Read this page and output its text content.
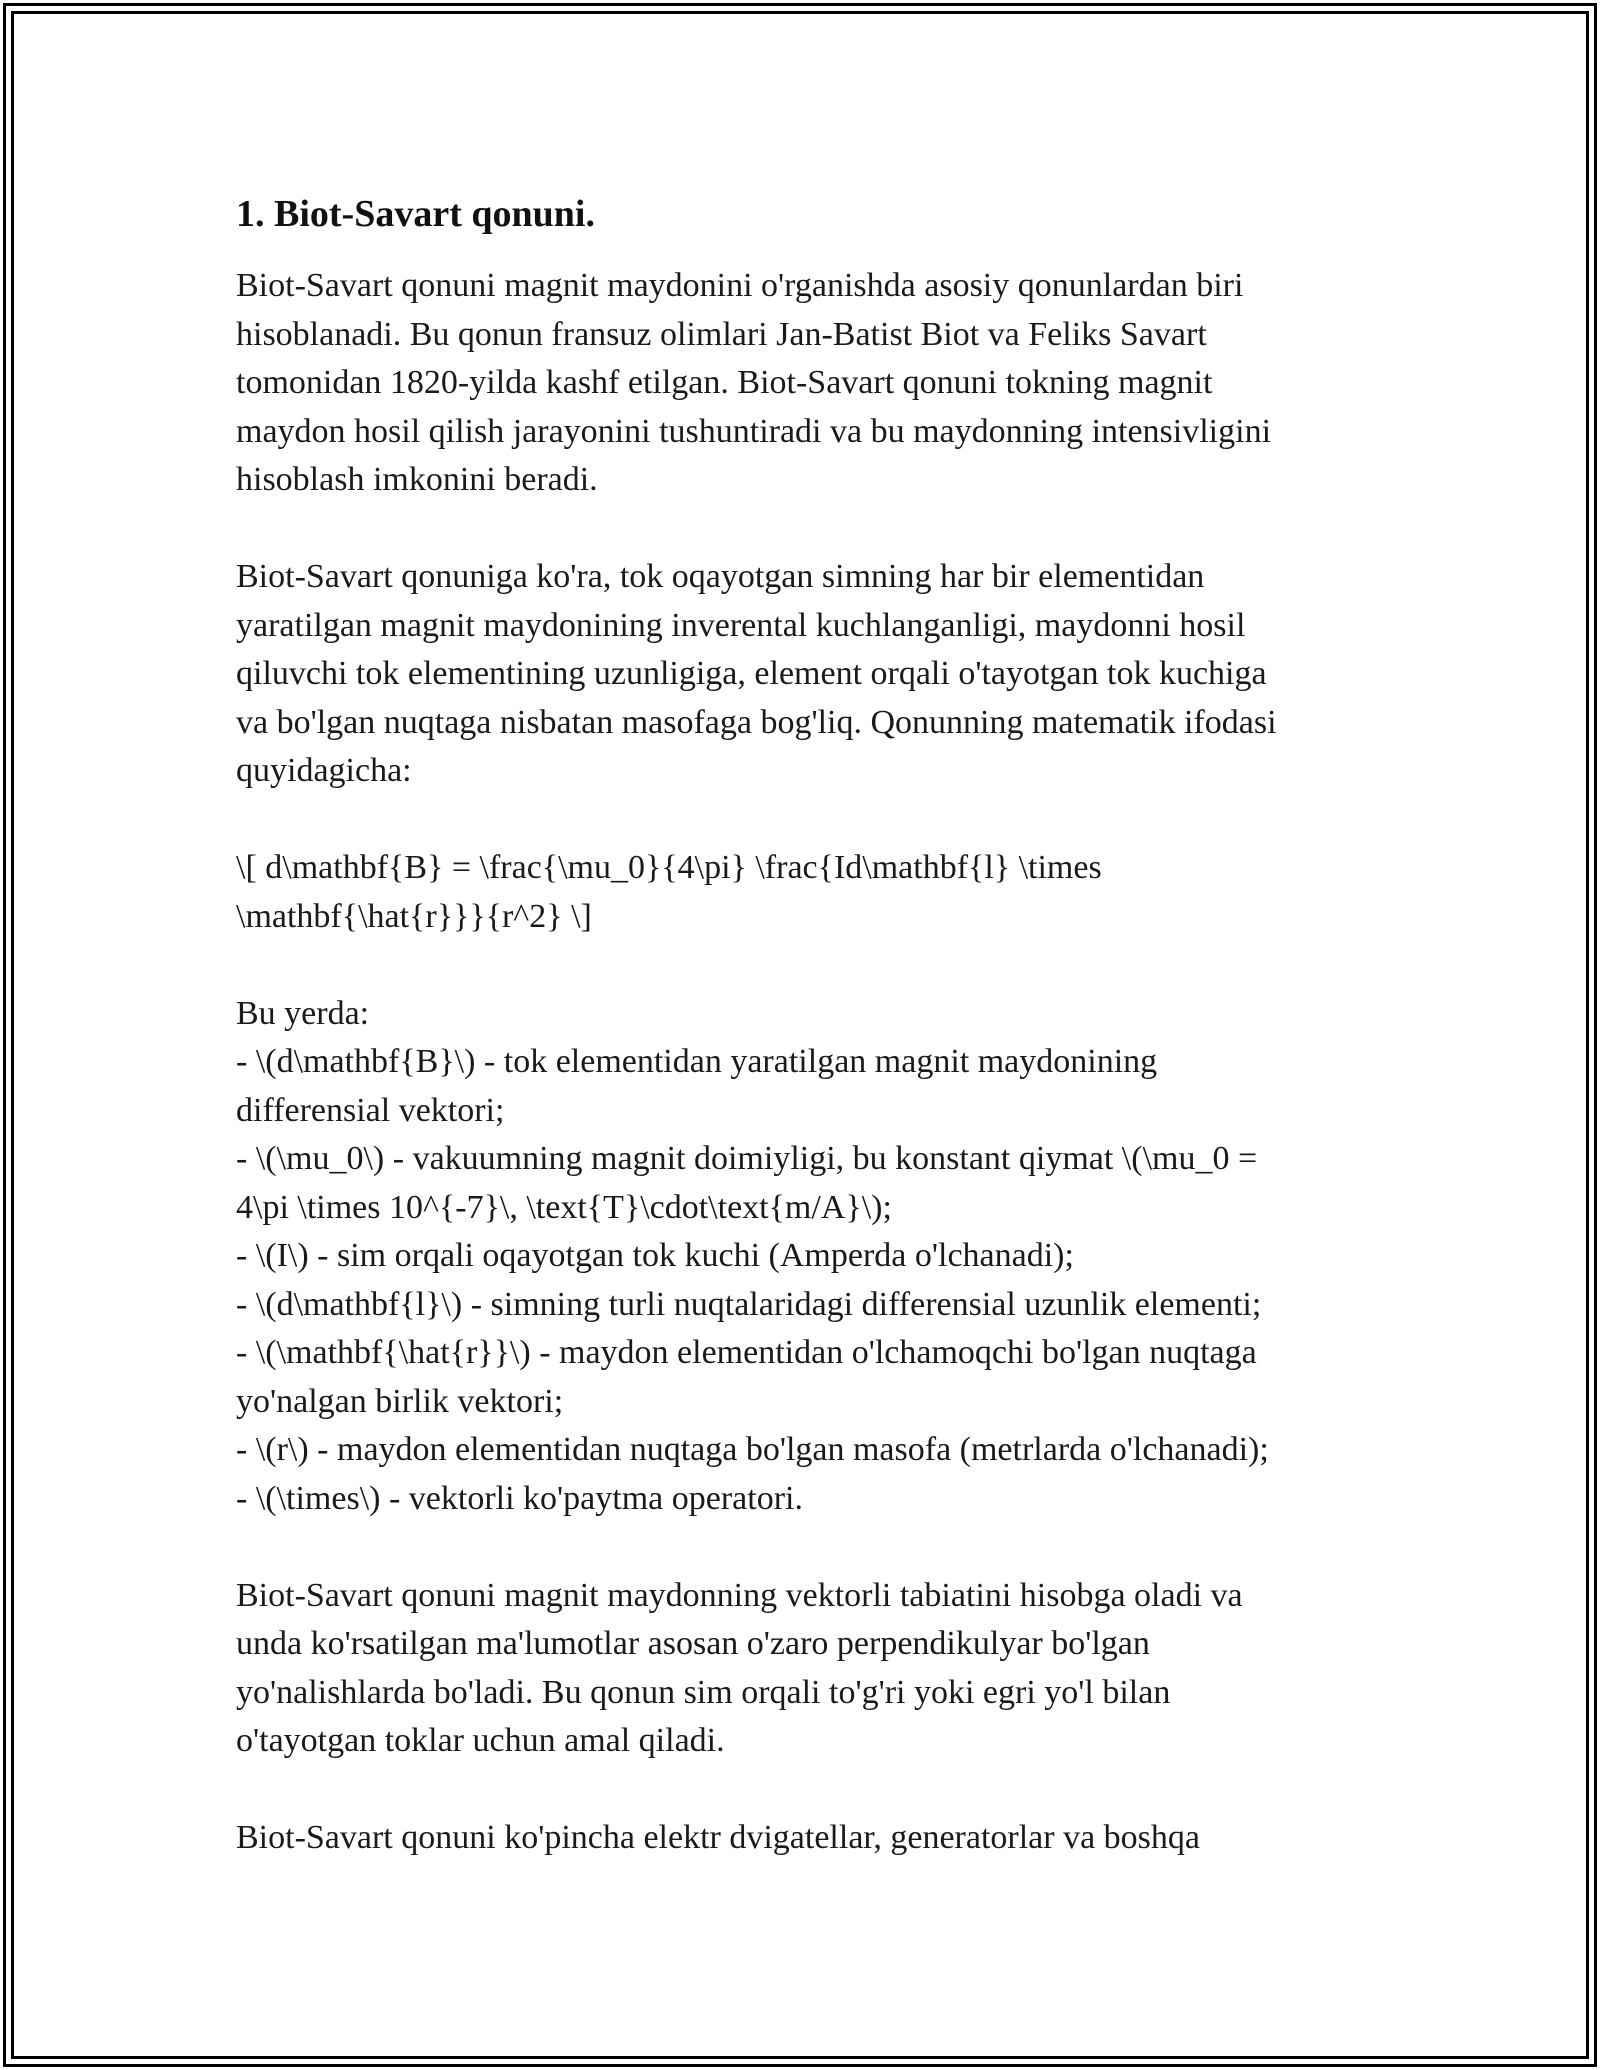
1. Biot-Savart qonuni.
Biot-Savart qonuni magnit maydonini o'rganishda asosiy qonunlardan biri
hisoblanadi. Bu qonun fransuz olimlari Jan-Batist Biot va Feliks Savart
tomonidan 1820-yilda kashf etilgan. Biot-Savart qonuni tokning magnit
maydon hosil qilish jarayonini tushuntiradi va bu maydonning intensivligini
hisoblash imkonini beradi.
Biot-Savart qonuniga ko'ra, tok oqayotgan simning har bir elementidan
yaratilgan magnit maydonining inverental kuchlanganligi, maydonni hosil
qiluvchi tok elementining uzunligiga, element orqali o'tayotgan tok kuchiga
va bo'lgan nuqtaga nisbatan masofaga bog'liq. Qonunning matematik ifodasi
quyidagicha:
\[ d\mathbf{B} = \frac{\mu_0}{4\pi} \frac{Id\mathbf{l} \times
\mathbf{\hat{r}}}{r^2} \]
Bu yerda:
- \(d\mathbf{B}\) - tok elementidan yaratilgan magnit maydonining
differensial vektori;
- \(\mu_0\) - vakuumning magnit doimiyligi, bu konstant qiymat \(\mu_0 =
4\pi \times 10^{-7}\, \text{T}\cdot\text{m/A}\);
- \(I\) - sim orqali oqayotgan tok kuchi (Amperda o'lchanadi);
- \(d\mathbf{l}\) - simning turli nuqtalaridagi differensial uzunlik elementi;
- \(\mathbf{\hat{r}}\) - maydon elementidan o'lchamoqchi bo'lgan nuqtaga
yo'nalgan birlik vektori;
- \(r\) - maydon elementidan nuqtaga bo'lgan masofa (metrlarda o'lchanadi);
- \(\times\) - vektorli ko'paytma operatori.
Biot-Savart qonuni magnit maydonning vektorli tabiatini hisobga oladi va
unda ko'rsatilgan ma'lumotlar asosan o'zaro perpendikulyar bo'lgan
yo'nalishlarda bo'ladi. Bu qonun sim orqali to'g'ri yoki egri yo'l bilan
o'tayotgan toklar uchun amal qiladi.
Biot-Savart qonuni ko'pincha elektr dvigatellar, generatorlar va boshqa
